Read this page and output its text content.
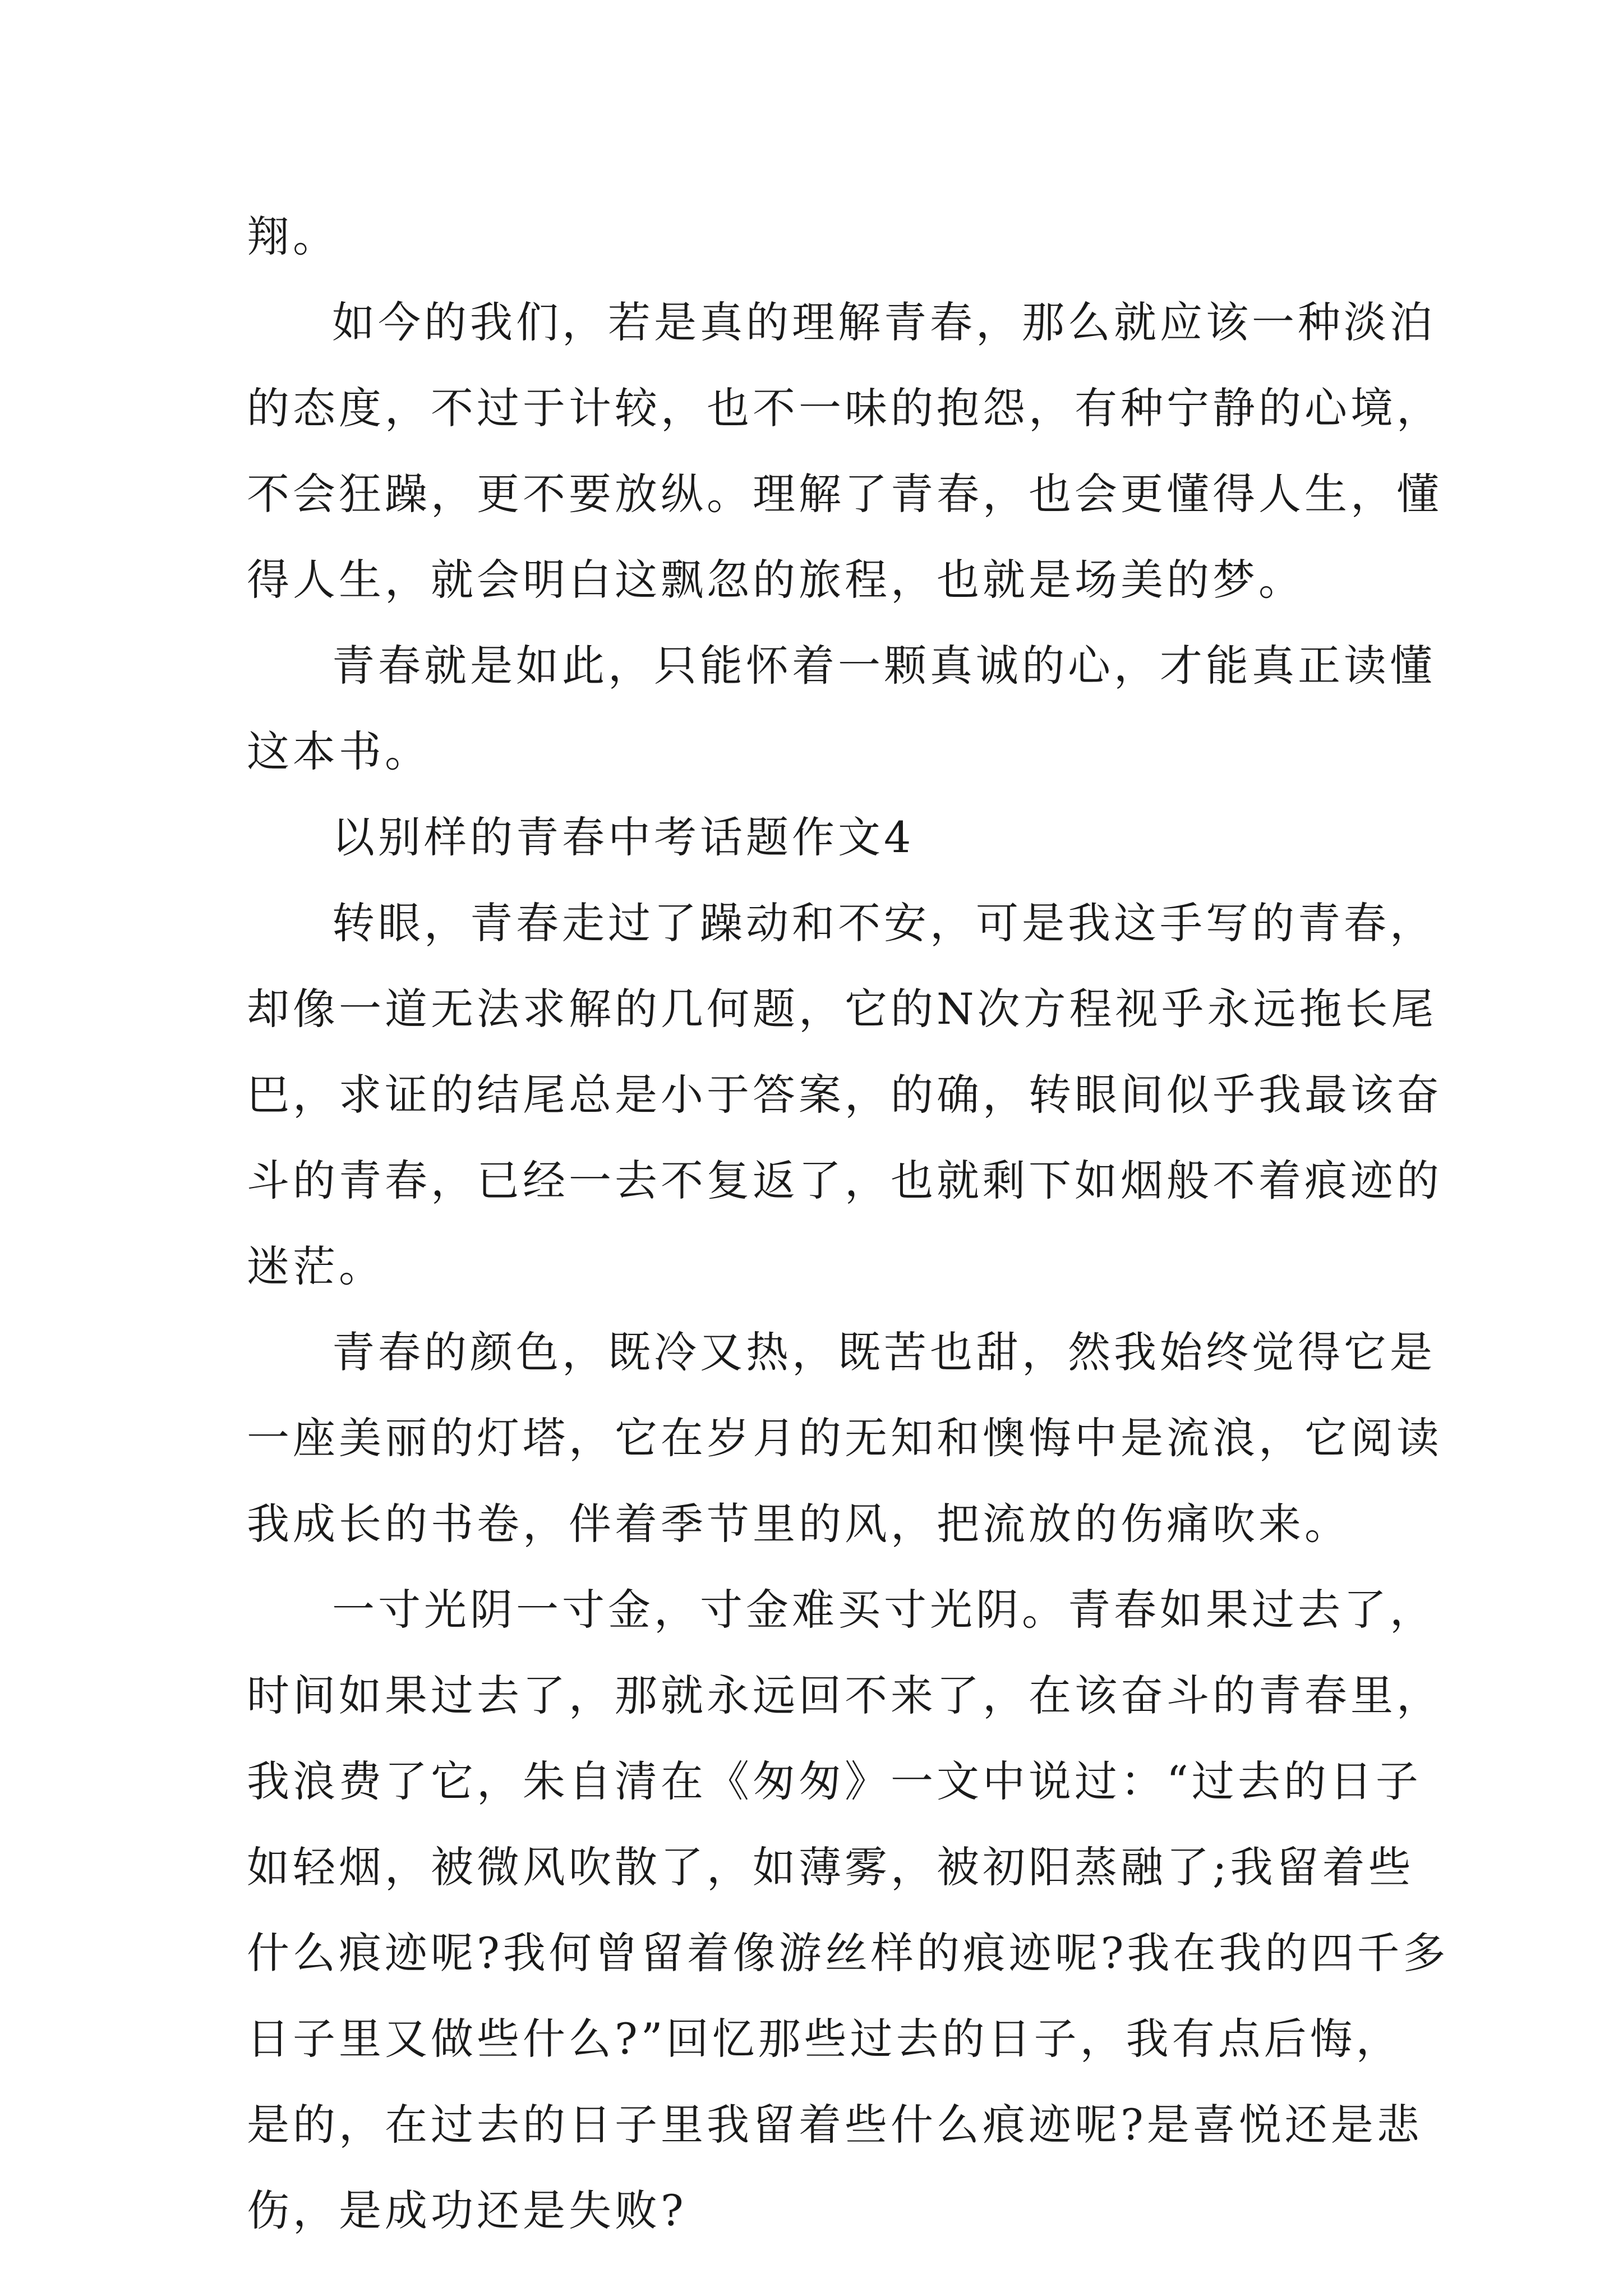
翔。
如今的我们，若是真的理解青春，那么就应该一种淡泊
的态度，不过于计较，也不一味的抱怨，有种宁静的心境，
不会狂躁，更不要放纵。理解了青春，也会更懂得人生，懂
得人生，就会明白这飘忽的旅程，也就是场美的梦。
青春就是如此，只能怀着一颗真诚的心，才能真正读懂
这本书。
以别样的青春中考话题作文4
转眼，青春走过了躁动和不安，可是我这手写的青春，
却像一道无法求解的几何题，它的N次方程视乎永远拖长尾
巴，求证的结尾总是小于答案，的确，转眼间似乎我最该奋
斗的青春，已经一去不复返了，也就剩下如烟般不着痕迹的
迷茫。
青春的颜色，既冷又热，既苦也甜，然我始终觉得它是
一座美丽的灯塔，它在岁月的无知和懊悔中是流浪，它阅读
我成长的书卷，伴着季节里的风，把流放的伤痛吹来。
一寸光阴一寸金，寸金难买寸光阴。青春如果过去了，
时间如果过去了，那就永远回不来了，在该奋斗的青春里，
我浪费了它，朱自清在《匆匆》一文中说过：“过去的日子
如轻烟，被微风吹散了，如薄雾，被初阳蒸融了;我留着些
什么痕迹呢?我何曾留着像游丝样的痕迹呢?我在我的四千多
日子里又做些什么?”回忆那些过去的日子，我有点后悔，
是的，在过去的日子里我留着些什么痕迹呢?是喜悦还是悲
伤，是成功还是失败?
